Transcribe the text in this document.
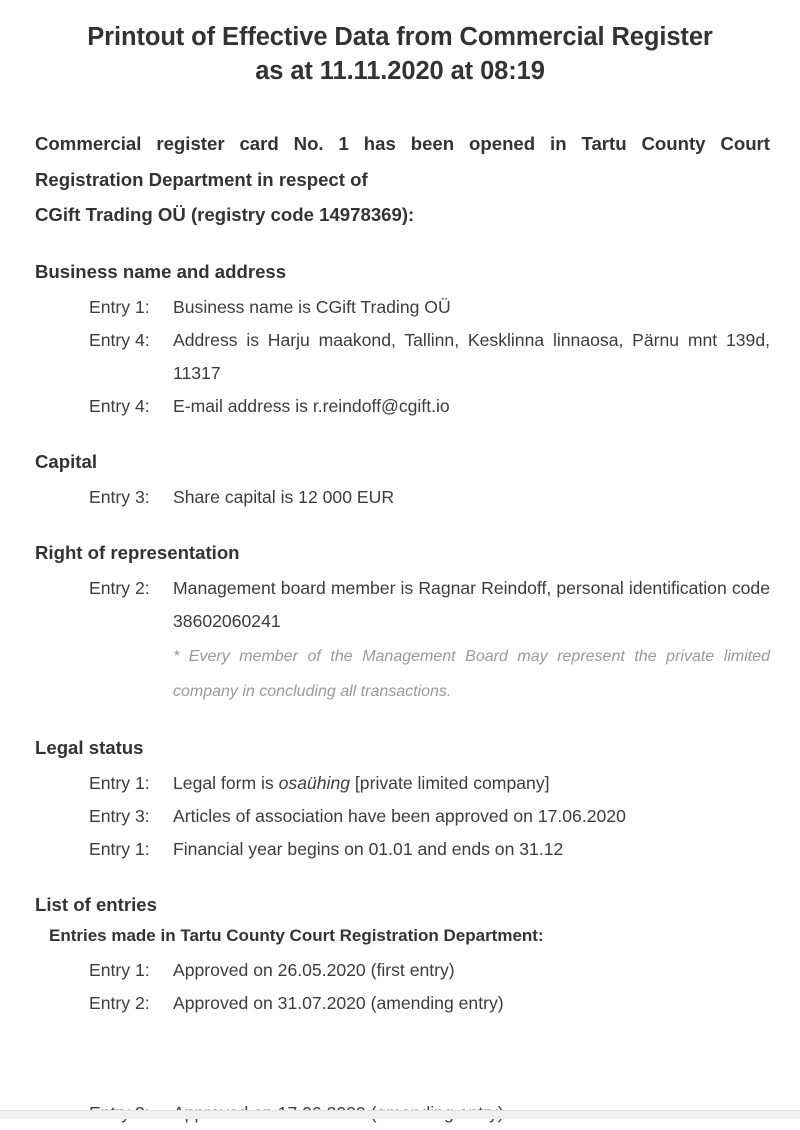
Printout of Effective Data from Commercial Register
as at 11.11.2020 at 08:19
Commercial register card No. 1 has been opened in Tartu County Court Registration Department in respect of
CGift Trading OÜ (registry code 14978369):
Business name and address
Entry 1:	Business name is CGift Trading OÜ
Entry 4:	Address is Harju maakond, Tallinn, Kesklinna linnaosa, Pärnu mnt 139d, 11317
Entry 4:	E-mail address is r.reindoff@cgift.io
Capital
Entry 3:	Share capital is 12 000 EUR
Right of representation
Entry 2:	Management board member is Ragnar Reindoff, personal identification code 38602060241
* Every member of the Management Board may represent the private limited company in concluding all transactions.
Legal status
Entry 1:	Legal form is osaühing [private limited company]
Entry 3:	Articles of association have been approved on 17.06.2020
Entry 1:	Financial year begins on 01.01 and ends on 31.12
List of entries
Entries made in Tartu County Court Registration Department:
Entry 1:	Approved on 26.05.2020 (first entry)
Entry 2:	Approved on 31.07.2020 (amending entry)
